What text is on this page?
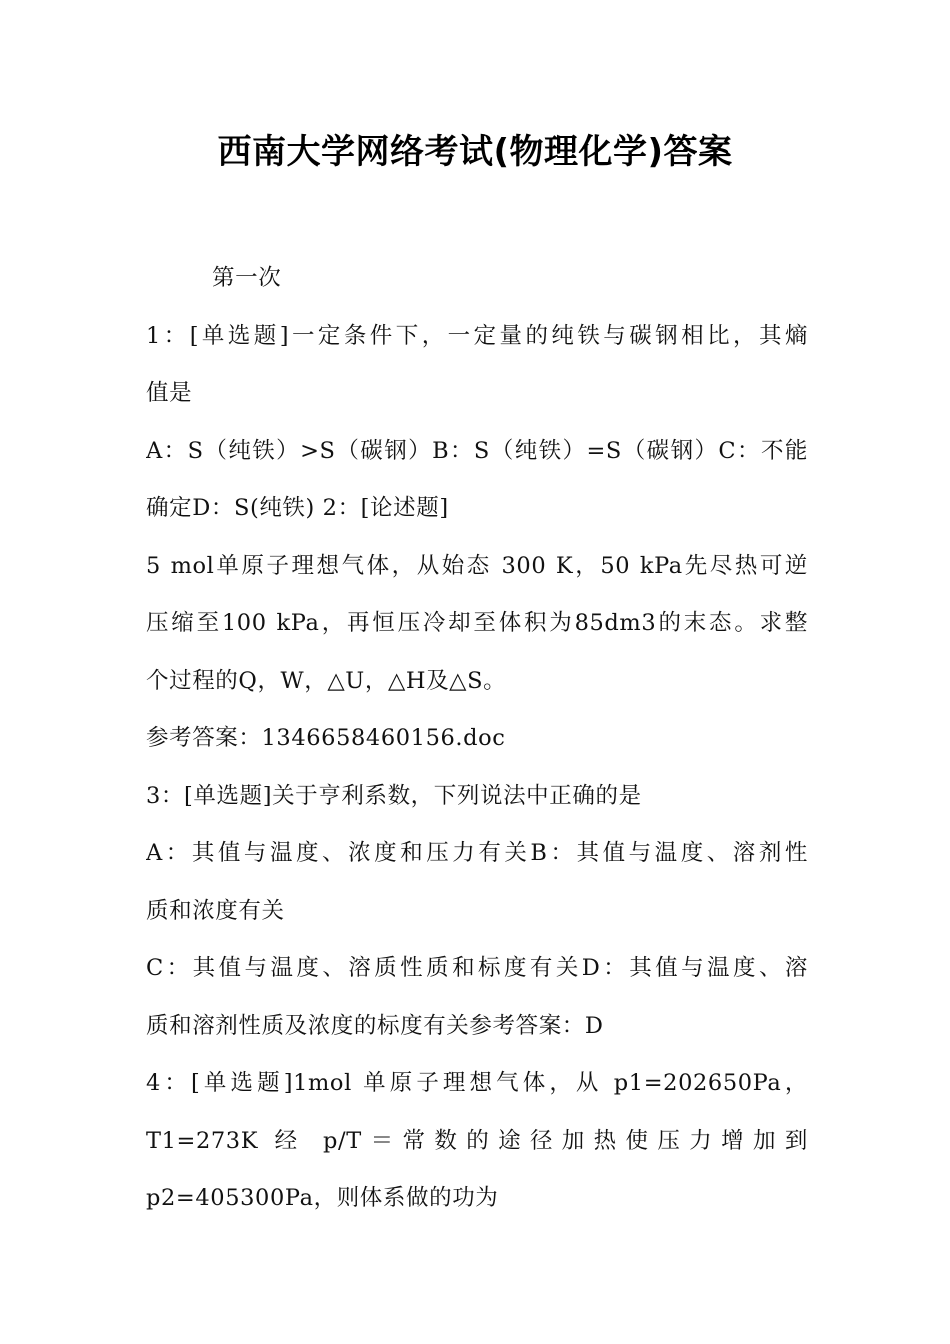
西南大学网络考试(物理化学)答案
第一次
1：[单选题]一定条件下，一定量的纯铁与碳钢相比，其熵
值是
A：S（纯铁）>S（碳钢）B：S（纯铁）=S（碳钢）C：不能
确定D：S(纯铁) 2：[论述题]
5 mol单原子理想气体，从始态 300 K，50 kPa先尽热可逆
压缩至100 kPa，再恒压冷却至体积为85dm3的末态。求整
个过程的Q，W，△U，△H及△S。
参考答案：1346658460156.doc
3：[单选题]关于亨利系数，下列说法中正确的是
A：其值与温度、浓度和压力有关B：其值与温度、溶剂性
质和浓度有关
C：其值与温度、溶质性质和标度有关D：其值与温度、溶
质和溶剂性质及浓度的标度有关参考答案：D
4：[单选题]1mol 单原子理想气体，从 p1=202650Pa，
T1=273K 经 p/T＝常数的途径加热使压力增加到
p2=405300Pa，则体系做的功为
